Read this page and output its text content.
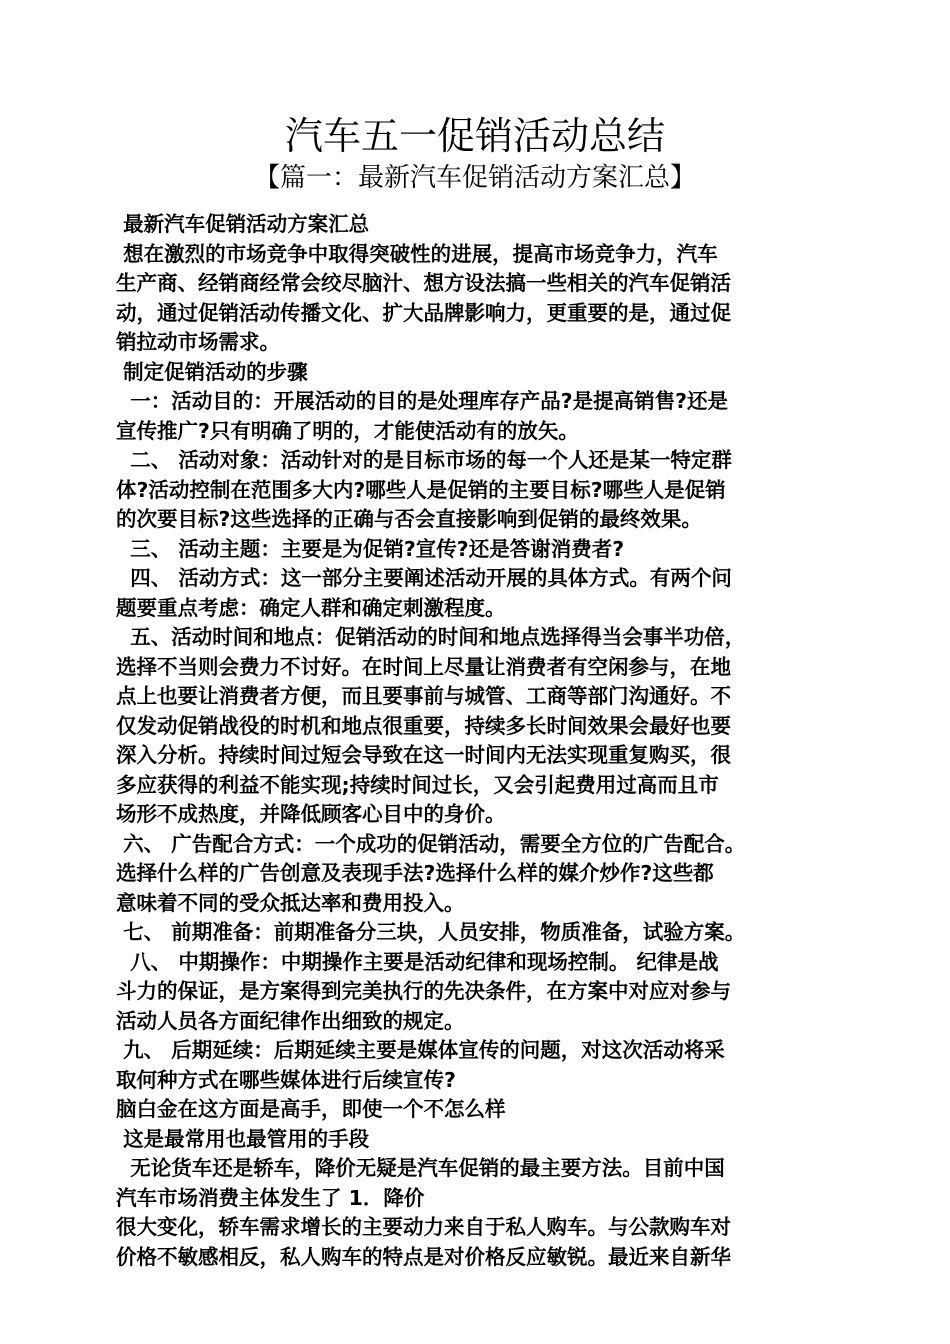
汽车五一促销活动总结
【篇一：最新汽车促销活动方案汇总】
最新汽车促销活动方案汇总
想在激烈的市场竞争中取得突破性的进展，提高市场竞争力，汽车
生产商、经销商经常会绞尽脑汁、想方设法搞一些相关的汽车促销活
动，通过促销活动传播文化、扩大品牌影响力，更重要的是，通过促
销拉动市场需求。
制定促销活动的步骤
一：活动目的：开展活动的目的是处理库存产品?是提高销售?还是
宣传推广?只有明确了明的，才能使活动有的放矢。
二、 活动对象：活动针对的是目标市场的每一个人还是某一特定群
体?活动控制在范围多大内?哪些人是促销的主要目标?哪些人是促销
的次要目标?这些选择的正确与否会直接影响到促销的最终效果。
三、 活动主题：主要是为促销?宣传?还是答谢消费者?
四、 活动方式：这一部分主要阐述活动开展的具体方式。有两个问
题要重点考虑：确定人群和确定刺激程度。
五、活动时间和地点：促销活动的时间和地点选择得当会事半功倍，
选择不当则会费力不讨好。在时间上尽量让消费者有空闲参与，在地
点上也要让消费者方便，而且要事前与城管、工商等部门沟通好。不
仅发动促销战役的时机和地点很重要，持续多长时间效果会最好也要
深入分析。持续时间过短会导致在这一时间内无法实现重复购买，很
多应获得的利益不能实现;持续时间过长，又会引起费用过高而且市
场形不成热度，并降低顾客心目中的身价。
六、 广告配合方式：一个成功的促销活动，需要全方位的广告配合。
选择什么样的广告创意及表现手法?选择什么样的媒介炒作?这些都
意味着不同的受众抵达率和费用投入。
七、 前期准备：前期准备分三块，人员安排，物质准备，试验方案。
八、 中期操作：中期操作主要是活动纪律和现场控制。 纪律是战
斗力的保证，是方案得到完美执行的先决条件，在方案中对应对参与
活动人员各方面纪律作出细致的规定。
九、 后期延续：后期延续主要是媒体宣传的问题，对这次活动将采
取何种方式在哪些媒体进行后续宣传?
脑白金在这方面是高手，即使一个不怎么样
这是最常用也最管用的手段
无论货车还是轿车，降价无疑是汽车促销的最主要方法。目前中国
汽车市场消费主体发生了 1．降价
很大变化，轿车需求增长的主要动力来自于私人购车。与公款购车对
价格不敏感相反，私人购车的特点是对价格反应敏锐。最近来自新华
